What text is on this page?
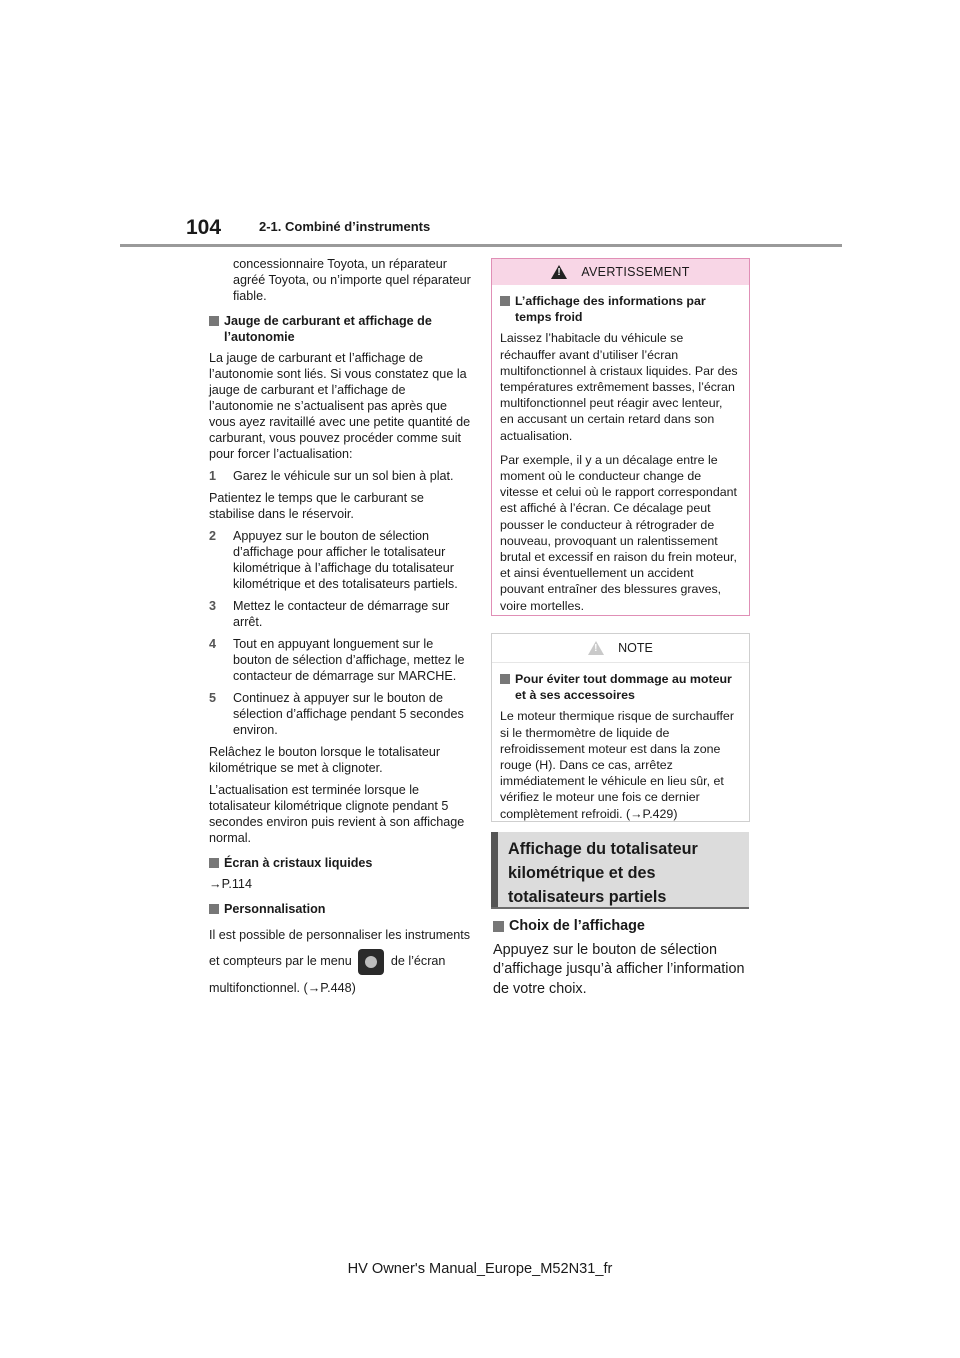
104	2-1. Combiné d’instruments

concessionnaire Toyota, un réparateur agréé Toyota, ou n’importe quel réparateur fiable.

Jauge de carburant et affichage de l’autonomie

La jauge de carburant et l’affichage de l’autonomie sont liés. Si vous constatez que la jauge de carburant et l’affichage de l’autonomie ne s’actualisent pas après que vous ayez ravitaillé avec une petite quantité de carburant, vous pouvez procéder comme suit pour forcer l’actualisation:

1	Garez le véhicule sur un sol bien à plat.

Patientez le temps que le carburant se stabilise dans le réservoir.

2	Appuyez sur le bouton de sélection d’affichage pour afficher le totalisateur kilométrique à l’affichage du totalisateur kilométrique et des totalisateurs partiels.
3	Mettez le contacteur de démarrage sur arrêt.
4	Tout en appuyant longuement sur le bouton de sélection d’affichage, mettez le contacteur de démarrage sur MARCHE.
5	Continuez à appuyer sur le bouton de sélection d’affichage pendant 5 secondes environ.

Relâchez le bouton lorsque le totalisateur kilométrique se met à clignoter.

L’actualisation est terminée lorsque le totalisateur kilométrique clignote pendant 5 secondes environ puis revient à son affichage normal.

Écran à cristaux liquides

→P.114

Personnalisation

Il est possible de personnaliser les instruments et compteurs par le menu	de l’écran multifonctionnel. (→P.448)

!
AVERTISSEMENT
L’affichage des informations par temps froid

Laissez l’habitacle du véhicule se réchauffer avant d’utiliser l’écran multifonctionnel à cristaux liquides. Par des températures extrêmement basses, l’écran multifonctionnel peut réagir avec lenteur, en accusant un certain retard dans son actualisation.

Par exemple, il y a un décalage entre le moment où le conducteur change de vitesse et celui où le rapport correspondant est affiché à l’écran. Ce décalage peut pousser le conducteur à rétrograder de nouveau, provoquant un ralentissement brutal et excessif en raison du frein moteur, et ainsi éventuellement un accident pouvant entraîner des blessures graves, voire mortelles.

!
NOTE
Pour éviter tout dommage au moteur et à ses accessoires

Le moteur thermique risque de surchauffer si le thermomètre de liquide de refroidissement moteur est dans la zone rouge (H). Dans ce cas, arrêtez immédiatement le véhicule en lieu sûr, et vérifiez le moteur une fois ce dernier complètement refroidi. (→P.429)

Affichage du totalisateur kilométrique et des totalisateurs partiels
Choix de l’affichage

Appuyez sur le bouton de sélection d’affichage jusqu’à afficher l’information de votre choix.

HV Owner's Manual_Europe_M52N31_fr
